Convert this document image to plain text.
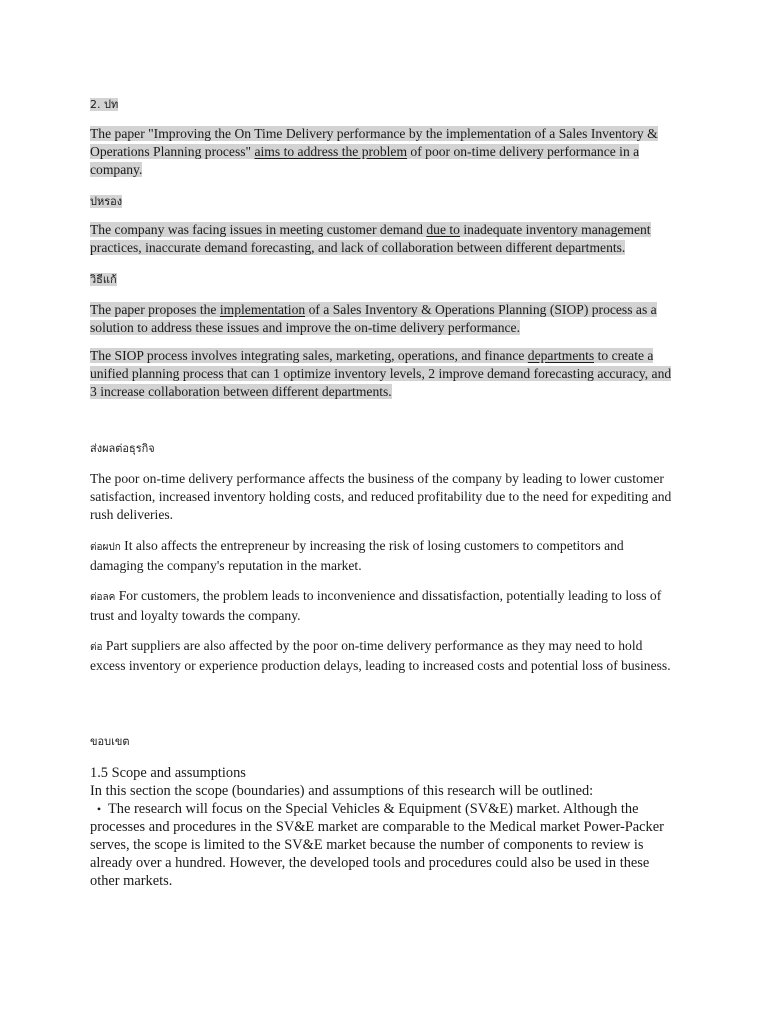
2. ปท
The paper "Improving the On Time Delivery performance by the implementation of a Sales Inventory & Operations Planning process" aims to address the problem of poor on-time delivery performance in a company.
ปหรอง
The company was facing issues in meeting customer demand due to inadequate inventory management practices, inaccurate demand forecasting, and lack of collaboration between different departments.
วิธีแก้
The paper proposes the implementation of a Sales Inventory & Operations Planning (SIOP) process as a solution to address these issues and improve the on-time delivery performance.
The SIOP process involves integrating sales, marketing, operations, and finance departments to create a unified planning process that can 1 optimize inventory levels, 2 improve demand forecasting accuracy, and 3 increase collaboration between different departments.
ส่งผลต่อธุรกิจ
The poor on-time delivery performance affects the business of the company by leading to lower customer satisfaction, increased inventory holding costs, and reduced profitability due to the need for expediting and rush deliveries.
ต่อผปก It also affects the entrepreneur by increasing the risk of losing customers to competitors and damaging the company's reputation in the market.
ต่อลค For customers, the problem leads to inconvenience and dissatisfaction, potentially leading to loss of trust and loyalty towards the company.
ต่อ Part suppliers are also affected by the poor on-time delivery performance as they may need to hold excess inventory or experience production delays, leading to increased costs and potential loss of business.
ขอบเขต
1.5 Scope and assumptions
In this section the scope (boundaries) and assumptions of this research will be outlined:
• The research will focus on the Special Vehicles & Equipment (SV&E) market. Although the
processes and procedures in the SV&E market are comparable to the Medical market Power-Packer serves, the scope is limited to the SV&E market because the number of components to review is already over a hundred. However, the developed tools and procedures could also be used in these other markets.
